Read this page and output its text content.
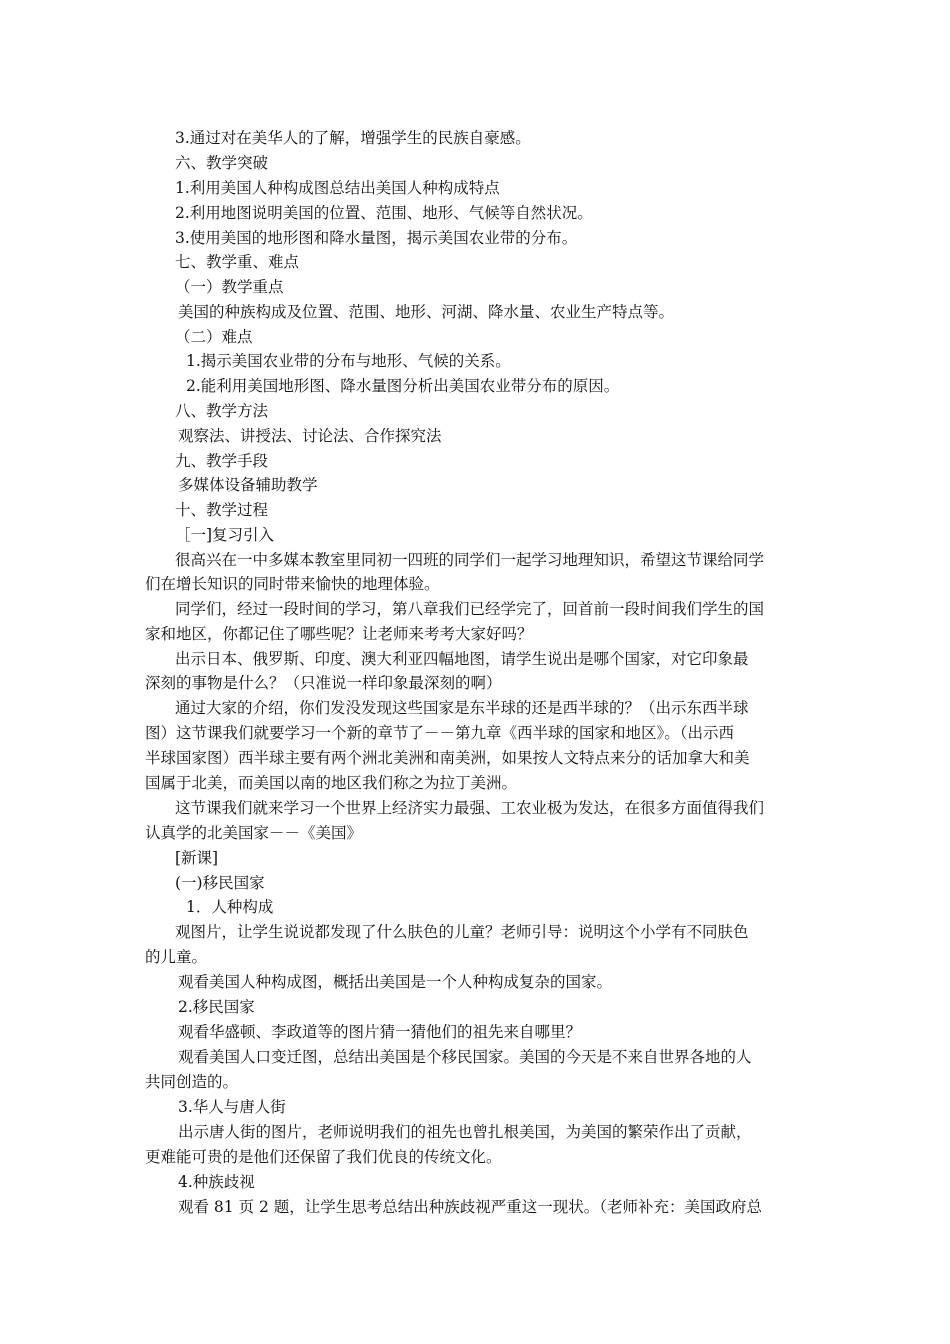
3.通过对在美华人的了解，增强学生的民族自豪感。
六、教学突破
1.利用美国人种构成图总结出美国人种构成特点
2.利用地图说明美国的位置、范围、地形、气候等自然状况。
3.使用美国的地形图和降水量图，揭示美国农业带的分布。
七、教学重、难点
（一）教学重点
美国的种族构成及位置、范围、地形、河湖、降水量、农业生产特点等。
（二）难点
1.揭示美国农业带的分布与地形、气候的关系。
2.能利用美国地形图、降水量图分析出美国农业带分布的原因。
八、教学方法
观察法、讲授法、讨论法、合作探究法
九、教学手段
多媒体设备辅助教学
十、教学过程
［一]复习引入
很高兴在一中多媒本教室里同初一四班的同学们一起学习地理知识，希望这节课给同学
们在增长知识的同时带来愉快的地理体验。
同学们，经过一段时间的学习，第八章我们已经学完了，回首前一段时间我们学生的国
家和地区，你都记住了哪些呢？让老师来考考大家好吗？
出示日本、俄罗斯、印度、澳大利亚四幅地图，请学生说出是哪个国家，对它印象最
深刻的事物是什么？（只准说一样印象最深刻的啊）
通过大家的介绍，你们发没发现这些国家是东半球的还是西半球的？（出示东西半球
图）这节课我们就要学习一个新的章节了－－第九章《西半球的国家和地区》。（出示西
半球国家图）西半球主要有两个洲北美洲和南美洲，如果按人文特点来分的话加拿大和美
国属于北美，而美国以南的地区我们称之为拉丁美洲。
这节课我们就来学习一个世界上经济实力最强、工农业极为发达，在很多方面值得我们
认真学的北美国家－－《美国》
[新课]
(一)移民国家
1．人种构成
观图片，让学生说说都发现了什么肤色的儿童？老师引导：说明这个小学有不同肤色
的儿童。
观看美国人种构成图，概括出美国是一个人种构成复杂的国家。
2.移民国家
观看华盛顿、李政道等的图片猜一猜他们的祖先来自哪里？
观看美国人口变迁图，总结出美国是个移民国家。美国的今天是不来自世界各地的人
共同创造的。
3.华人与唐人街
出示唐人街的图片，老师说明我们的祖先也曾扎根美国，为美国的繁荣作出了贡献，
更难能可贵的是他们还保留了我们优良的传统文化。
4.种族歧视
观看 81 页 2 题，让学生思考总结出种族歧视严重这一现状。（老师补充：美国政府总
